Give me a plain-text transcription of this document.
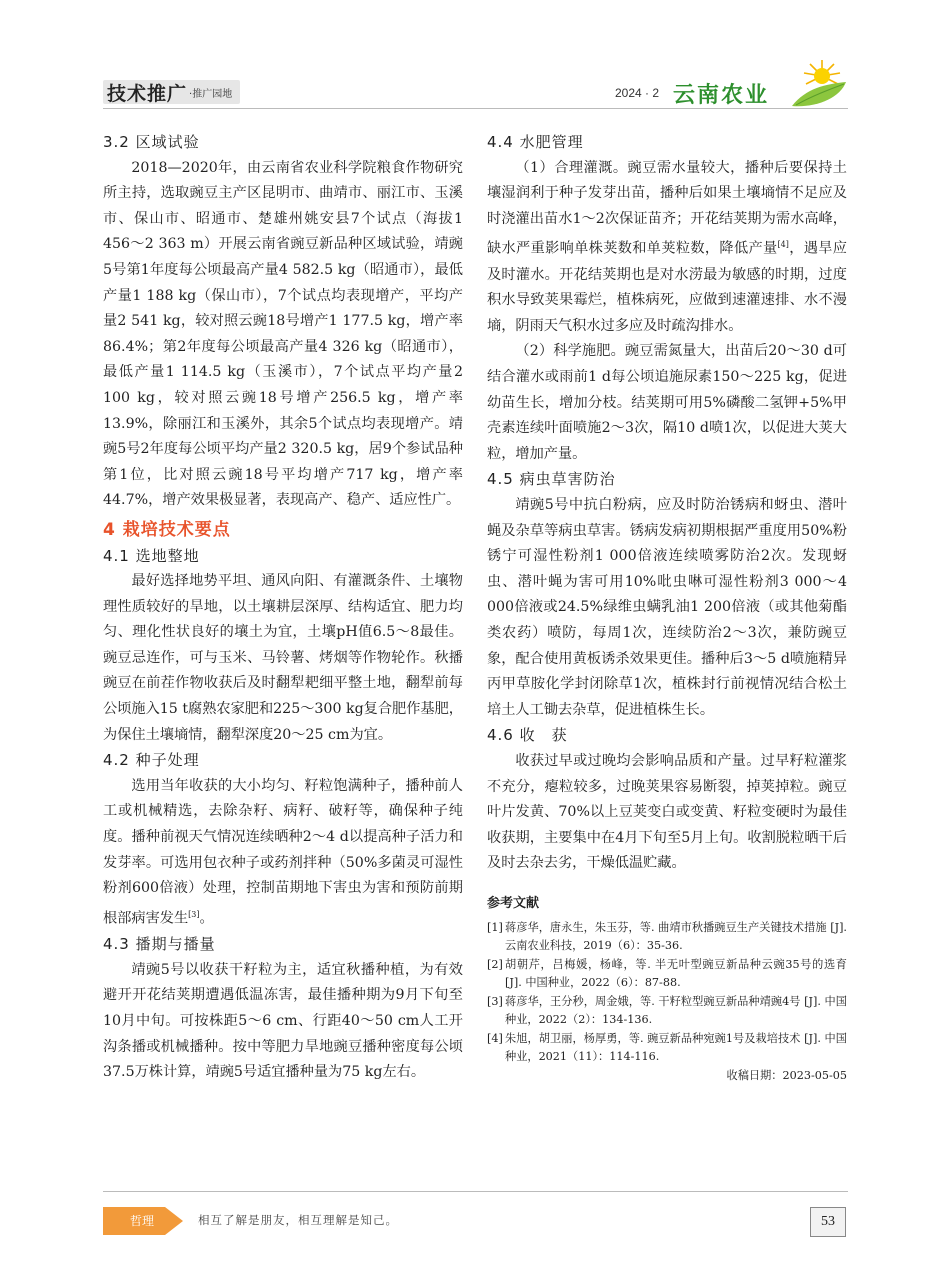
技术推广 ·推广园地	2024 · 2 云南农业
3.2 区域试验

2018—2020年，由云南省农业科学院粮食作物研究所主持，选取豌豆主产区昆明市、曲靖市、丽江市、玉溪市、保山市、昭通市、楚雄州姚安县7个试点（海拔1 456～2 363 m）开展云南省豌豆新品种区域试验，靖豌5号第1年度每公顷最高产量4 582.5 kg（昭通市），最低产量1 188 kg（保山市），7个试点均表现增产，平均产量2 541 kg，较对照云豌18号增产1 177.5 kg，增产率86.4%；第2年度每公顷最高产量4 326 kg（昭通市），最低产量1 114.5 kg（玉溪市），7个试点平均产量2 100 kg，较对照云豌18号增产256.5 kg，增产率13.9%，除丽江和玉溪外，其余5个试点均表现增产。靖豌5号2年度每公顷平均产量2 320.5 kg，居9个参试品种第1位，比对照云豌18号平均增产717 kg，增产率44.7%，增产效果极显著，表现高产、稳产、适应性广。

4 栽培技术要点
4.1 选地整地

最好选择地势平坦、通风向阳、有灌溉条件、土壤物理性质较好的旱地，以土壤耕层深厚、结构适宜、肥力均匀、理化性状良好的壤土为宜，土壤pH值6.5～8最佳。豌豆忌连作，可与玉米、马铃薯、烤烟等作物轮作。秋播豌豆在前茬作物收获后及时翻犁耙细平整土地，翻犁前每公顷施入15 t腐熟农家肥和225～300 kg复合肥作基肥，为保住土壤墒情，翻犁深度20～25 cm为宜。

4.2 种子处理

选用当年收获的大小均匀、籽粒饱满种子，播种前人工或机械精选，去除杂籽、病籽、破籽等，确保种子纯度。播种前视天气情况连续晒种2～4 d以提高种子活力和发芽率。可选用包衣种子或药剂拌种（50%多菌灵可湿性粉剂600倍液）处理，控制苗期地下害虫为害和预防前期根部病害发生[3]。

4.3 播期与播量

靖豌5号以收获干籽粒为主，适宜秋播种植，为有效避开开花结荚期遭遇低温冻害，最佳播种期为9月下旬至10月中旬。可按株距5～6 cm、行距40～50 cm人工开沟条播或机械播种。按中等肥力旱地豌豆播种密度每公顷37.5万株计算，靖豌5号适宜播种量为75 kg左右。

4.4 水肥管理

（1）合理灌溉。豌豆需水量较大，播种后要保持土壤湿润利于种子发芽出苗，播种后如果土壤墒情不足应及时浇灌出苗水1～2次保证苗齐；开花结荚期为需水高峰，缺水严重影响单株荚数和单荚粒数，降低产量[4]，遇旱应及时灌水。开花结荚期也是对水涝最为敏感的时期，过度积水导致荚果霉烂，植株病死，应做到速灌速排、水不漫墒，阴雨天气积水过多应及时疏沟排水。

（2）科学施肥。豌豆需氮量大，出苗后20～30 d可结合灌水或雨前1 d每公顷追施尿素150～225 kg，促进幼苗生长，增加分枝。结荚期可用5%磷酸二氢钾+5%甲壳素连续叶面喷施2～3次，隔10 d喷1次，以促进大荚大粒，增加产量。

4.5 病虫草害防治

靖豌5号中抗白粉病，应及时防治锈病和蚜虫、潜叶蝇及杂草等病虫草害。锈病发病初期根据严重度用50%粉锈宁可湿性粉剂1 000倍液连续喷雾防治2次。发现蚜虫、潜叶蝇为害可用10%吡虫啉可湿性粉剂3 000～4 000倍液或24.5%绿维虫螨乳油1 200倍液（或其他菊酯类农药）喷防，每周1次，连续防治2～3次，兼防豌豆象，配合使用黄板诱杀效果更佳。播种后3～5 d喷施精异丙甲草胺化学封闭除草1次，植株封行前视情况结合松土培土人工锄去杂草，促进植株生长。

4.6 收　获

收获过早或过晚均会影响品质和产量。过早籽粒灌浆不充分，瘪粒较多，过晚荚果容易断裂，掉荚掉粒。豌豆叶片发黄、70%以上豆荚变白或变黄、籽粒变硬时为最佳收获期，主要集中在4月下旬至5月上旬。收割脱粒晒干后及时去杂去劣，干燥低温贮藏。

参考文献
[1] 蒋彦华，唐永生，朱玉芬，等. 曲靖市秋播豌豆生产关键技术措施 [J]. 云南农业科技，2019（6）：35-36.
[2] 胡朝芹，吕梅媛，杨峰，等. 半无叶型豌豆新品种云豌35号的选育 [J]. 中国种业，2022（6）：87-88.
[3] 蒋彦华，王分秒，周金娥，等. 干籽粒型豌豆新品种靖豌4号 [J]. 中国种业，2022（2）：134-136.
[4] 朱旭，胡卫丽，杨厚勇，等. 豌豆新品种宛豌1号及栽培技术 [J]. 中国种业，2021（11）：114-116.
收稿日期：2023-05-05
哲理	相互了解是朋友，相互理解是知己。	53
